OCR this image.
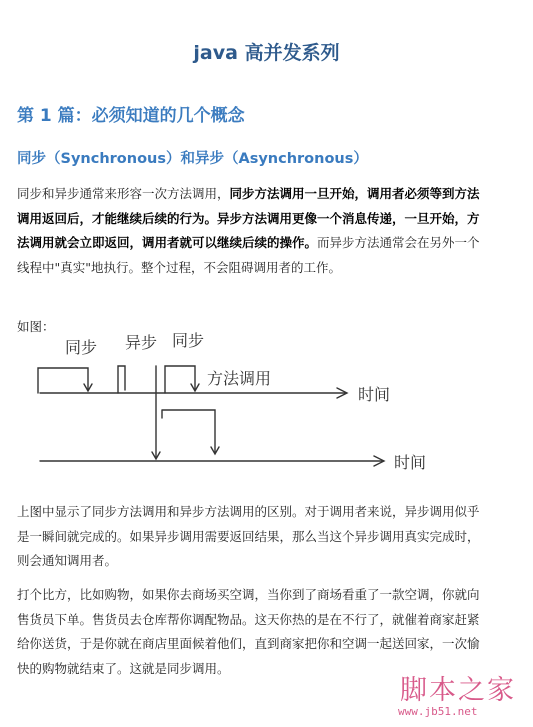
java 高并发系列
第 1 篇：必须知道的几个概念
同步（Synchronous）和异步（Asynchronous）
同步和异步通常来形容一次方法调用，同步方法调用一旦开始，调用者必须等到方法调用返回后，才能继续后续的行为。异步方法调用更像一个消息传递，一旦开始，方法调用就会立即返回，调用者就可以继续后续的操作。而异步方法通常会在另外一个线程中"真实"地执行。整个过程，不会阻碍调用者的工作。
如图：
同步 异步 同步
方法调用
时间
时间
上图中显示了同步方法调用和异步方法调用的区别。对于调用者来说，异步调用似乎是一瞬间就完成的。如果异步调用需要返回结果，那么当这个异步调用真实完成时，则会通知调用者。
打个比方，比如购物，如果你去商场买空调，当你到了商场看重了一款空调，你就向售货员下单。售货员去仓库帮你调配物品。这天你热的是在不行了，就催着商家赶紧给你送货，于是你就在商店里面候着他们，直到商家把你和空调一起送回家，一次愉快的购物就结束了。这就是同步调用。
脚本之家
www.jb51.net
